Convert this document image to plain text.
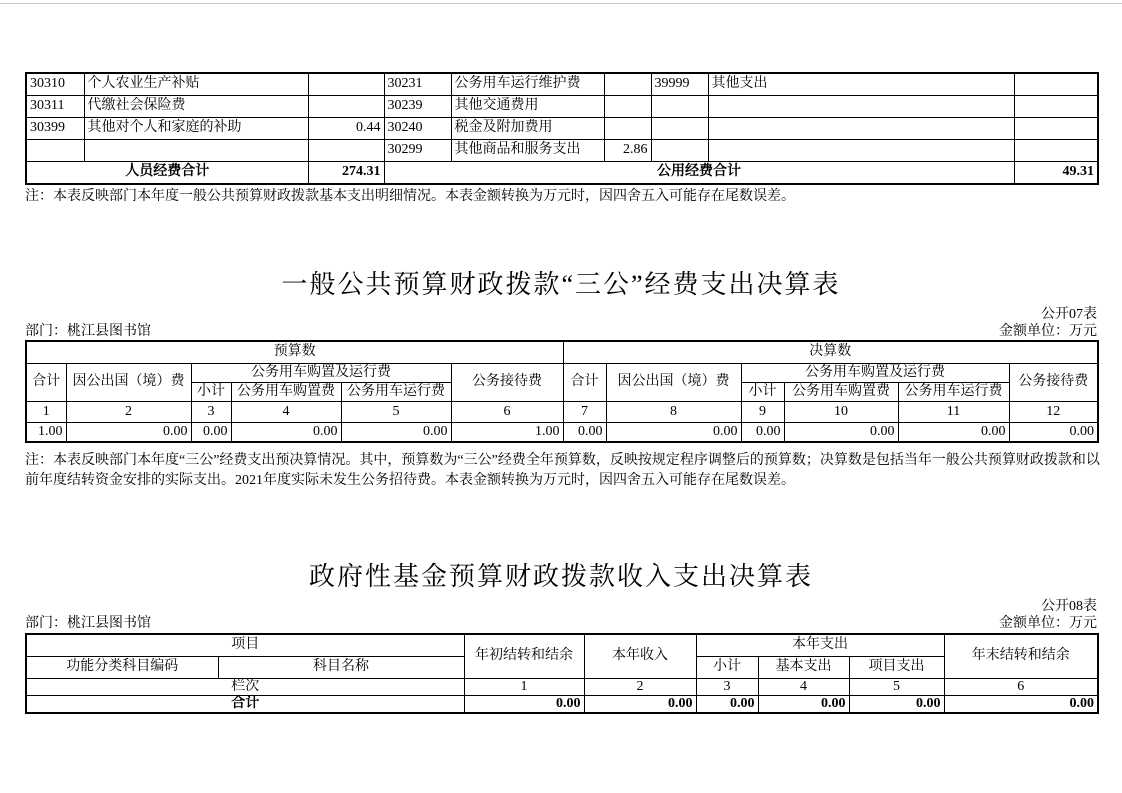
30310	个人农业生产补贴		30231	公务用车运行维护费		39999	其他支出	
30311	代缴社会保险费		30239	其他交通费用				
30399	其他对个人和家庭的补助	0.44	30240	税金及附加费用				
			30299	其他商品和服务支出	2.86			
人员经费合计		274.31	公用经费合计					49.31
注：本表反映部门本年度一般公共预算财政拨款基本支出明细情况。本表金额转换为万元时，因四舍五入可能存在尾数误差。
一般公共预算财政拨款“三公”经费支出决算表
公开07表
部门：桃江县图书馆	金额单位：万元
预算数						决算数					
合计	因公出国（境）费	公务用车购置及运行费			公务接待费	合计	因公出国（境）费	公务用车购置及运行费			公务接待费
		小计	公务用车购置费	公务用车运行费				小计	公务用车购置费	公务用车运行费	
1	2	3	4	5	6	7	8	9	10	11	12
1.00	0.00	0.00	0.00	0.00	1.00	0.00	0.00	0.00	0.00	0.00	0.00
注：本表反映部门本年度“三公”经费支出预决算情况。其中，预算数为“三公”经费全年预算数，反映按规定程序调整后的预算数；决算数是包括当年一般公共预算财政拨款和以前年度结转资金安排的实际支出。2021年度实际未发生公务招待费。本表金额转换为万元时，因四舍五入可能存在尾数误差。
政府性基金预算财政拨款收入支出决算表
公开08表
部门：桃江县图书馆	金额单位：万元
项目		年初结转和结余	本年收入	本年支出			年末结转和结余
功能分类科目编码	科目名称			小计	基本支出	项目支出	
栏次		1	2	3	4	5	6
合计		0.00	0.00	0.00	0.00	0.00	0.00
